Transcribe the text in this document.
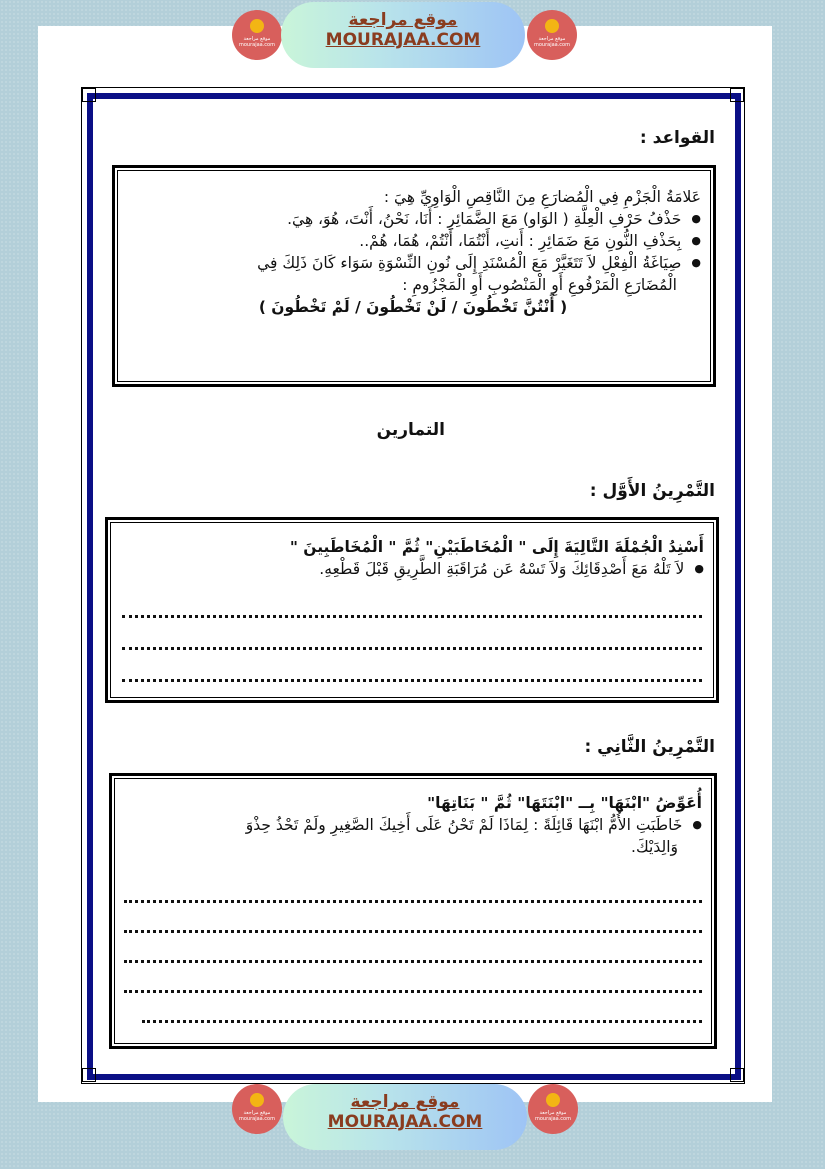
موقع مراجعة
mourajaa.com
موقع مراجعة
MOURAJAA.COM	موقع مراجعة
mourajaa.com
القواعد :
عَلامَةُ الْجَزْمِ فِي الْمُضارَعِ مِنَ النَّاقِصِ الْوَاوِيِّ هِيَ :
● حَذْفُ حَرْفِ الْعِلَّةِ ( الوَاو) مَعَ الضَّمَائِرِ : أَنَا، نَحْنُ، أَنْتَ، هُوَ، هِيَ.
● بِحَذْفِ النُّونِ مَعَ ضَمَائِرِ : أَنتِ، أَنْتُمَا، أَنْتُمْ، هُمَا، هُمْ..
● صِيَاغَةُ الْفِعْلِ لاَ تَتَغَيَّرْ مَعَ الْمُسْنَدِ إِلَى نُونِ النِّسْوَةِ سَوَاء كَانَ ذَلِكَ فِي
الْمُضَارَعِ الْمَرْفُوعِ أَوِ الْمَنْصُوبِ أَوِ الْمَجْزُومِ :
( أَنْتُنَّ تَخْطُونَ / لَنْ تَخْطُونَ / لَمْ تَخْطُونَ )
التمارين
التَّمْرِينُ الأَوَّل :
أَسْنِدُ الْجُمْلَةَ التَّالِيَةَ إِلَى " الْمُخَاطَبَيْنِ" ثُمَّ " الْمُخَاطَبِينَ "
● لاَ تَلْهُ مَعَ أَصْدِقَائِكَ وَلاَ تَسْهُ عَن مُرَاقَبَةِ الطَّرِيقِ قَبْلَ قَطْعِهِ.
التَّمْرِينُ الثَّانِي :
أُعَوِّضُ "ابْنَهَا" بِــ "ابْنَتَهَا" ثُمَّ " بَنَاتِهَا"
● خَاطَبَتِ الأُمُّ ابْنَهَا قَائِلَةً : لِمَاذَا لَمْ تَحْنُ عَلَى أَخِيكَ الصَّغِيرِ ولَمْ تَحْذُ حِذْوَ
وَالِدَيْكَ.
موقع مراجعة
mourajaa.com
موقع مراجعة
MOURAJAA.COM	موقع مراجعة
mourajaa.com
